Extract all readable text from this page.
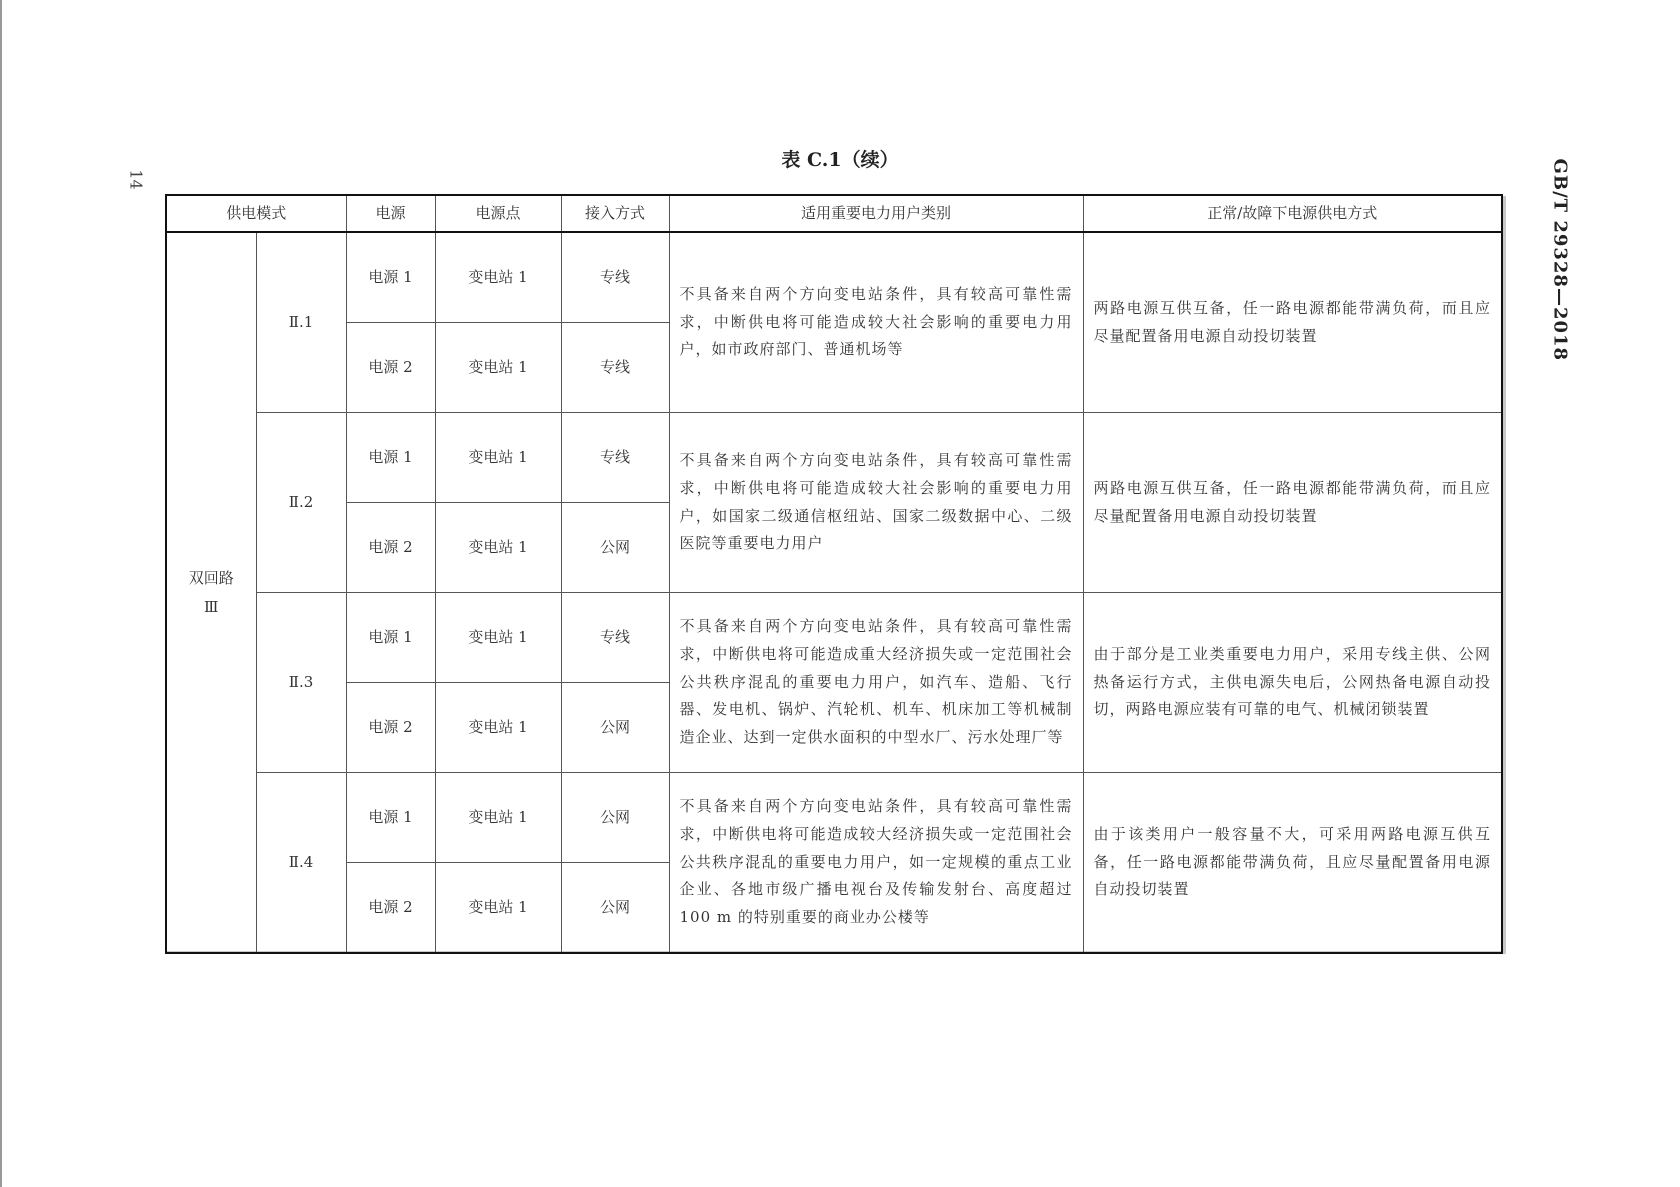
14	GB/T 29328—2018
表 C.1（续）
供电模式		电源	电源点	接入方式	适用重要电力用户类别	正常/故障下电源供电方式
双回路 Ⅲ	Ⅱ.1	电源 1	变电站 1	专线	不具备来自两个方向变电站条件，具有较高可靠性需求，中断供电将可能造成较大社会影响的重要电力用户，如市政府部门、普通机场等	两路电源互供互备，任一路电源都能带满负荷，而且应尽量配置备用电源自动投切装置
		电源 2	变电站 1	专线		
	Ⅱ.2	电源 1	变电站 1	专线	不具备来自两个方向变电站条件，具有较高可靠性需求，中断供电将可能造成较大社会影响的重要电力用户，如国家二级通信枢纽站、国家二级数据中心、二级医院等重要电力用户	两路电源互供互备，任一路电源都能带满负荷，而且应尽量配置备用电源自动投切装置
		电源 2	变电站 1	公网		
	Ⅱ.3	电源 1	变电站 1	专线	不具备来自两个方向变电站条件，具有较高可靠性需求，中断供电将可能造成重大经济损失或一定范围社会公共秩序混乱的重要电力用户，如汽车、造船、飞行器、发电机、锅炉、汽轮机、机车、机床加工等机械制造企业、达到一定供水面积的中型水厂、污水处理厂等	由于部分是工业类重要电力用户，采用专线主供、公网热备运行方式，主供电源失电后，公网热备电源自动投切，两路电源应装有可靠的电气、机械闭锁装置
		电源 2	变电站 1	公网		
	Ⅱ.4	电源 1	变电站 1	公网	不具备来自两个方向变电站条件，具有较高可靠性需求，中断供电将可能造成较大经济损失或一定范围社会公共秩序混乱的重要电力用户，如一定规模的重点工业企业、各地市级广播电视台及传输发射台、高度超过 100 m 的特别重要的商业办公楼等	由于该类用户一般容量不大，可采用两路电源互供互备，任一路电源都能带满负荷，且应尽量配置备用电源自动投切装置
		电源 2	变电站 1	公网		
